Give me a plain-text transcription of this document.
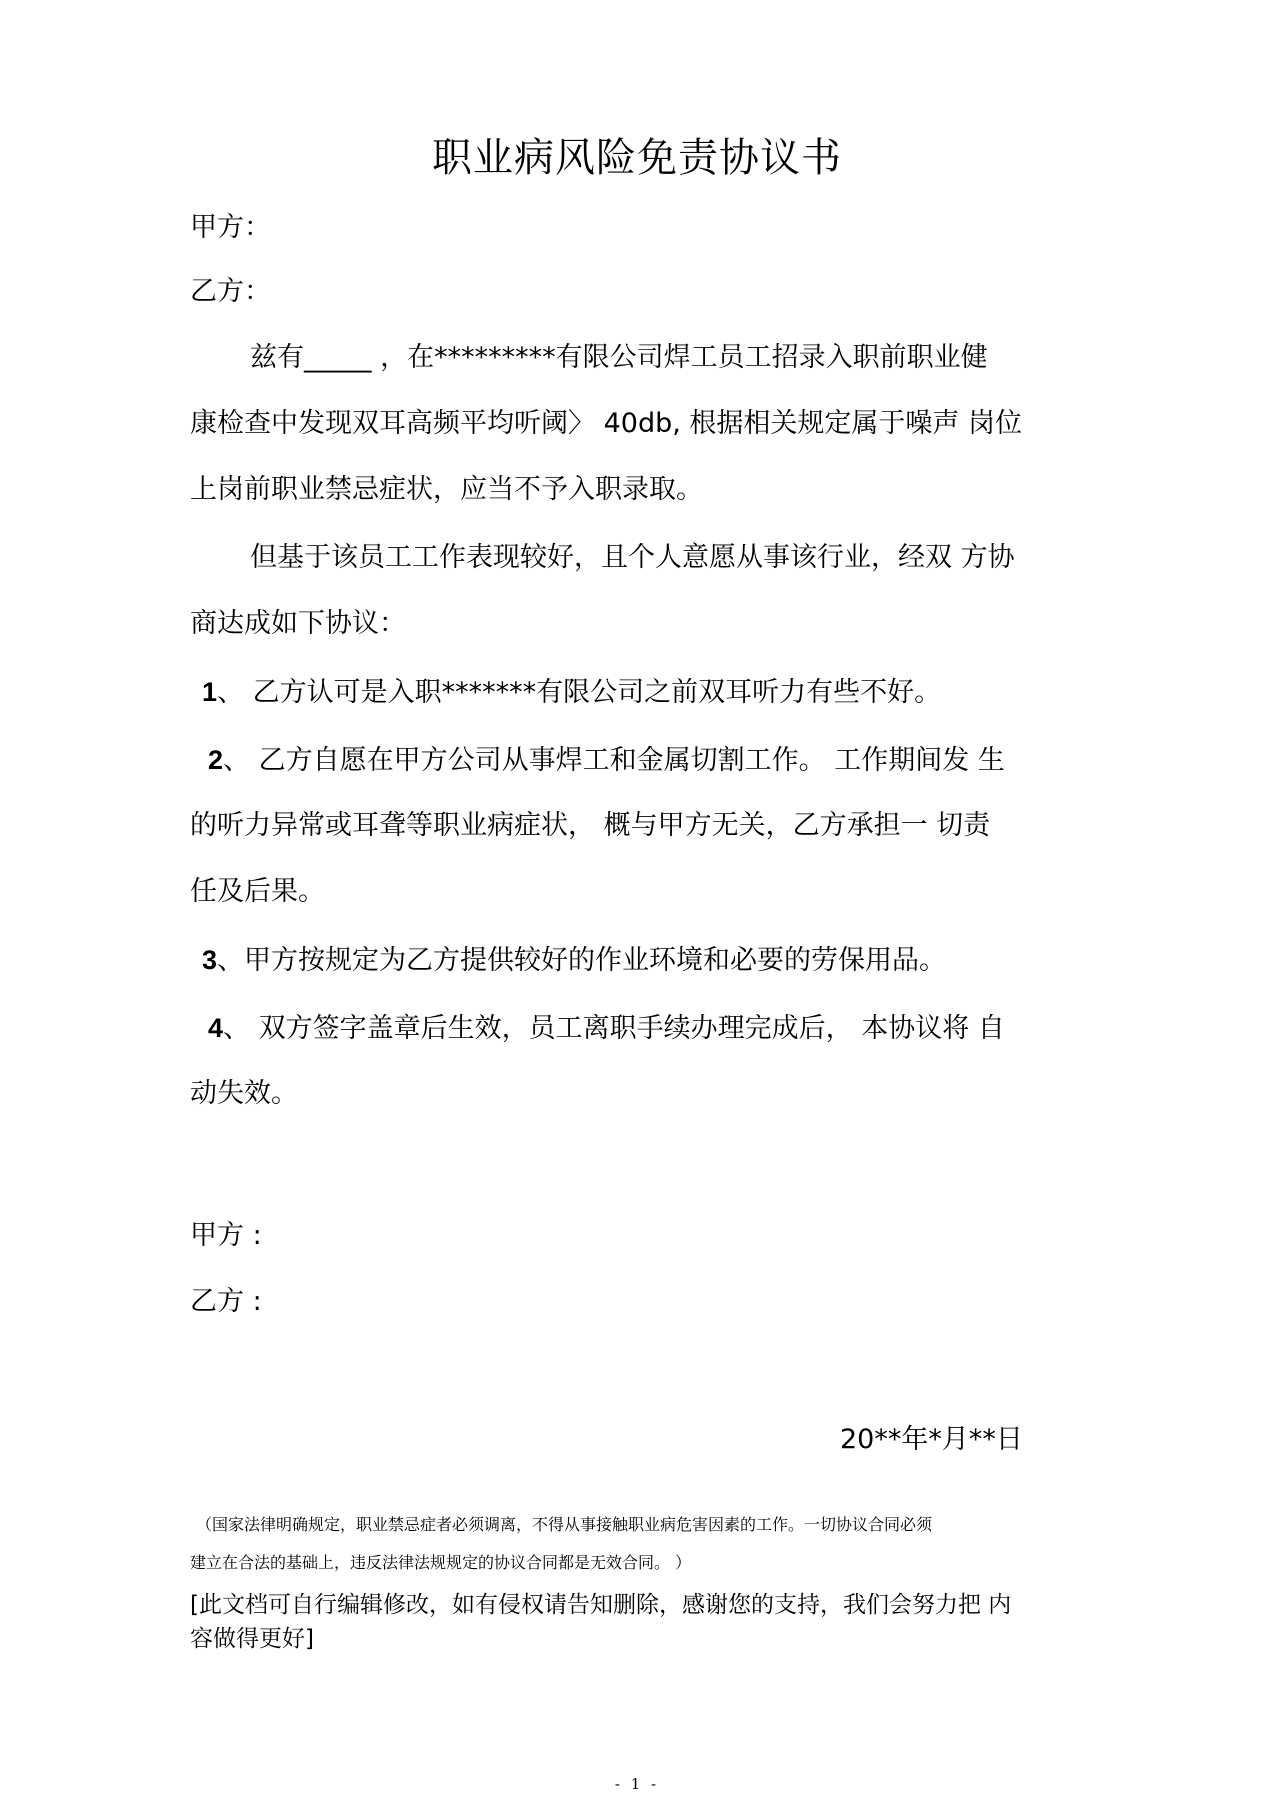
职业病风险免责协议书
甲方：
乙方：
兹有_____ ，在*********有限公司焊工员工招录入职前职业健
康检查中发现双耳高频平均听阈〉 40db, 根据相关规定属于噪声 岗位
上岗前职业禁忌症状，应当不予入职录取。
但基于该员工工作表现较好，且个人意愿从事该行业，经双 方协
商达成如下协议：
1、 乙方认可是入职*******有限公司之前双耳听力有些不好。
2、 乙方自愿在甲方公司从事焊工和金属切割工作。 工作期间发 生
的听力异常或耳聋等职业病症状， 概与甲方无关，乙方承担一 切责
任及后果。
3、甲方按规定为乙方提供较好的作业环境和必要的劳保用品。
4、 双方签字盖章后生效，员工离职手续办理完成后， 本协议将 自
动失效。
甲方 :
乙方 :
20**年*月**日
（国家法律明确规定，职业禁忌症者必须调离，不得从事接触职业病危害因素的工作。一切协议合同必须
建立在合法的基础上，违反法律法规规定的协议合同都是无效合同。 ）
[此文档可自行编辑修改，如有侵权请告知删除，感谢您的支持，我们会努力把 内
容做得更好]
- 1 -
